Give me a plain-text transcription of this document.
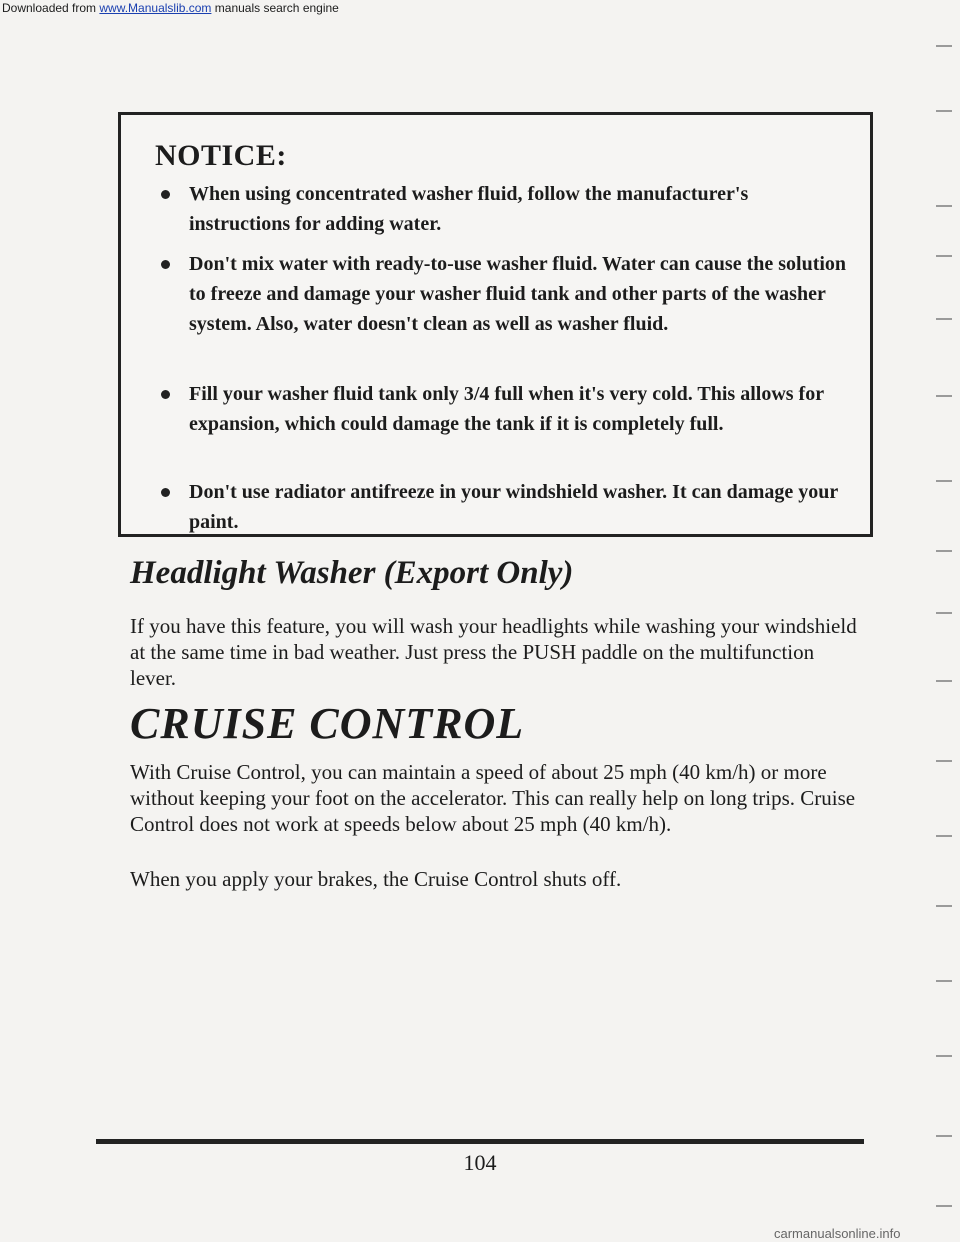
Downloaded from www.Manualslib.com manuals search engine
NOTICE:
When using concentrated washer fluid, follow the manufacturer's instructions for adding water.
Don't mix water with ready-to-use washer fluid. Water can cause the solution to freeze and damage your washer fluid tank and other parts of the washer system. Also, water doesn't clean as well as washer fluid.
Fill your washer fluid tank only 3/4 full when it's very cold. This allows for expansion, which could damage the tank if it is completely full.
Don't use radiator antifreeze in your windshield washer. It can damage your paint.
Headlight Washer (Export Only)
If you have this feature, you will wash your headlights while washing your windshield at the same time in bad weather. Just press the PUSH paddle on the multifunction lever.
CRUISE CONTROL
With Cruise Control, you can maintain a speed of about 25 mph (40 km/h) or more without keeping your foot on the accelerator. This can really help on long trips. Cruise Control does not work at speeds below about 25 mph (40 km/h).
When you apply your brakes, the Cruise Control shuts off.
104
carmanualsonline.info
